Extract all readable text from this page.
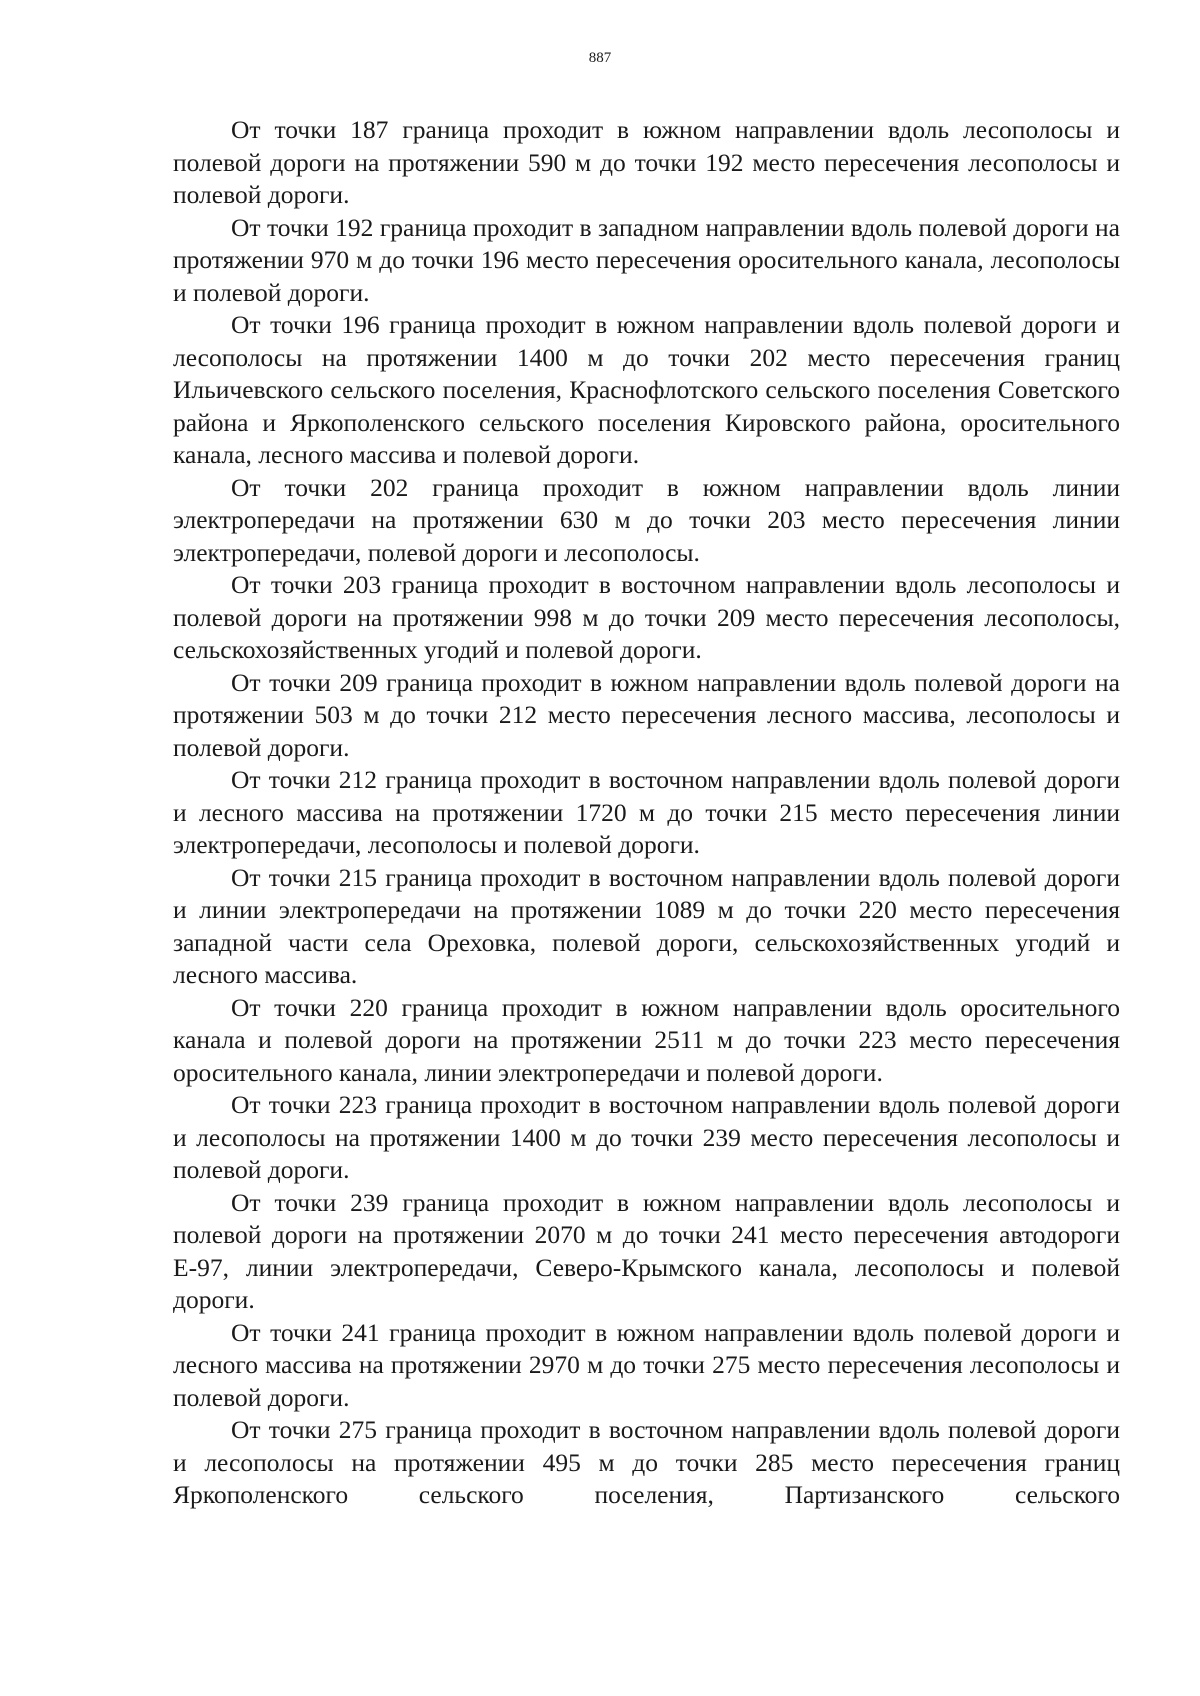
887

От точки 187 граница проходит в южном направлении вдоль лесополосы и полевой дороги на протяжении 590 м до точки 192 место пересечения лесополосы и полевой дороги.

От точки 192 граница проходит в западном направлении вдоль полевой дороги на протяжении 970 м до точки 196 место пересечения оросительного канала, лесополосы и полевой дороги.

От точки 196 граница проходит в южном направлении вдоль полевой дороги и лесополосы на протяжении 1400 м до точки 202 место пересечения границ Ильичевского сельского поселения, Краснофлотского сельского поселения Советского района и Яркополенского сельского поселения Кировского района, оросительного канала, лесного массива и полевой дороги.

От точки 202 граница проходит в южном направлении вдоль линии электропередачи на протяжении 630 м до точки 203 место пересечения линии электропередачи, полевой дороги и лесополосы.

От точки 203 граница проходит в восточном направлении вдоль лесополосы и полевой дороги на протяжении 998 м до точки 209 место пересечения лесополосы, сельскохозяйственных угодий и полевой дороги.

От точки 209 граница проходит в южном направлении вдоль полевой дороги на протяжении 503 м до точки 212 место пересечения лесного массива, лесополосы и полевой дороги.

От точки 212 граница проходит в восточном направлении вдоль полевой дороги и лесного массива на протяжении 1720 м до точки 215 место пересечения линии электропередачи, лесополосы и полевой дороги.

От точки 215 граница проходит в восточном направлении вдоль полевой дороги и линии электропередачи на протяжении 1089 м до точки 220 место пересечения западной части села Ореховка, полевой дороги, сельскохозяйственных угодий и лесного массива.

От точки 220 граница проходит в южном направлении вдоль оросительного канала и полевой дороги на протяжении 2511 м до точки 223 место пересечения оросительного канала, линии электропередачи и полевой дороги.

От точки 223 граница проходит в восточном направлении вдоль полевой дороги и лесополосы на протяжении 1400 м до точки 239 место пересечения лесополосы и полевой дороги.

От точки 239 граница проходит в южном направлении вдоль лесополосы и полевой дороги на протяжении 2070 м до точки 241 место пересечения автодороги Е-97, линии электропередачи, Северо-Крымского канала, лесополосы и полевой дороги.

От точки 241 граница проходит в южном направлении вдоль полевой дороги и лесного массива на протяжении 2970 м до точки 275 место пересечения лесополосы и полевой дороги.

От точки 275 граница проходит в восточном направлении вдоль полевой дороги и лесополосы на протяжении 495 м до точки 285 место пересечения границ Яркополенского сельского поселения, Партизанского сельского
